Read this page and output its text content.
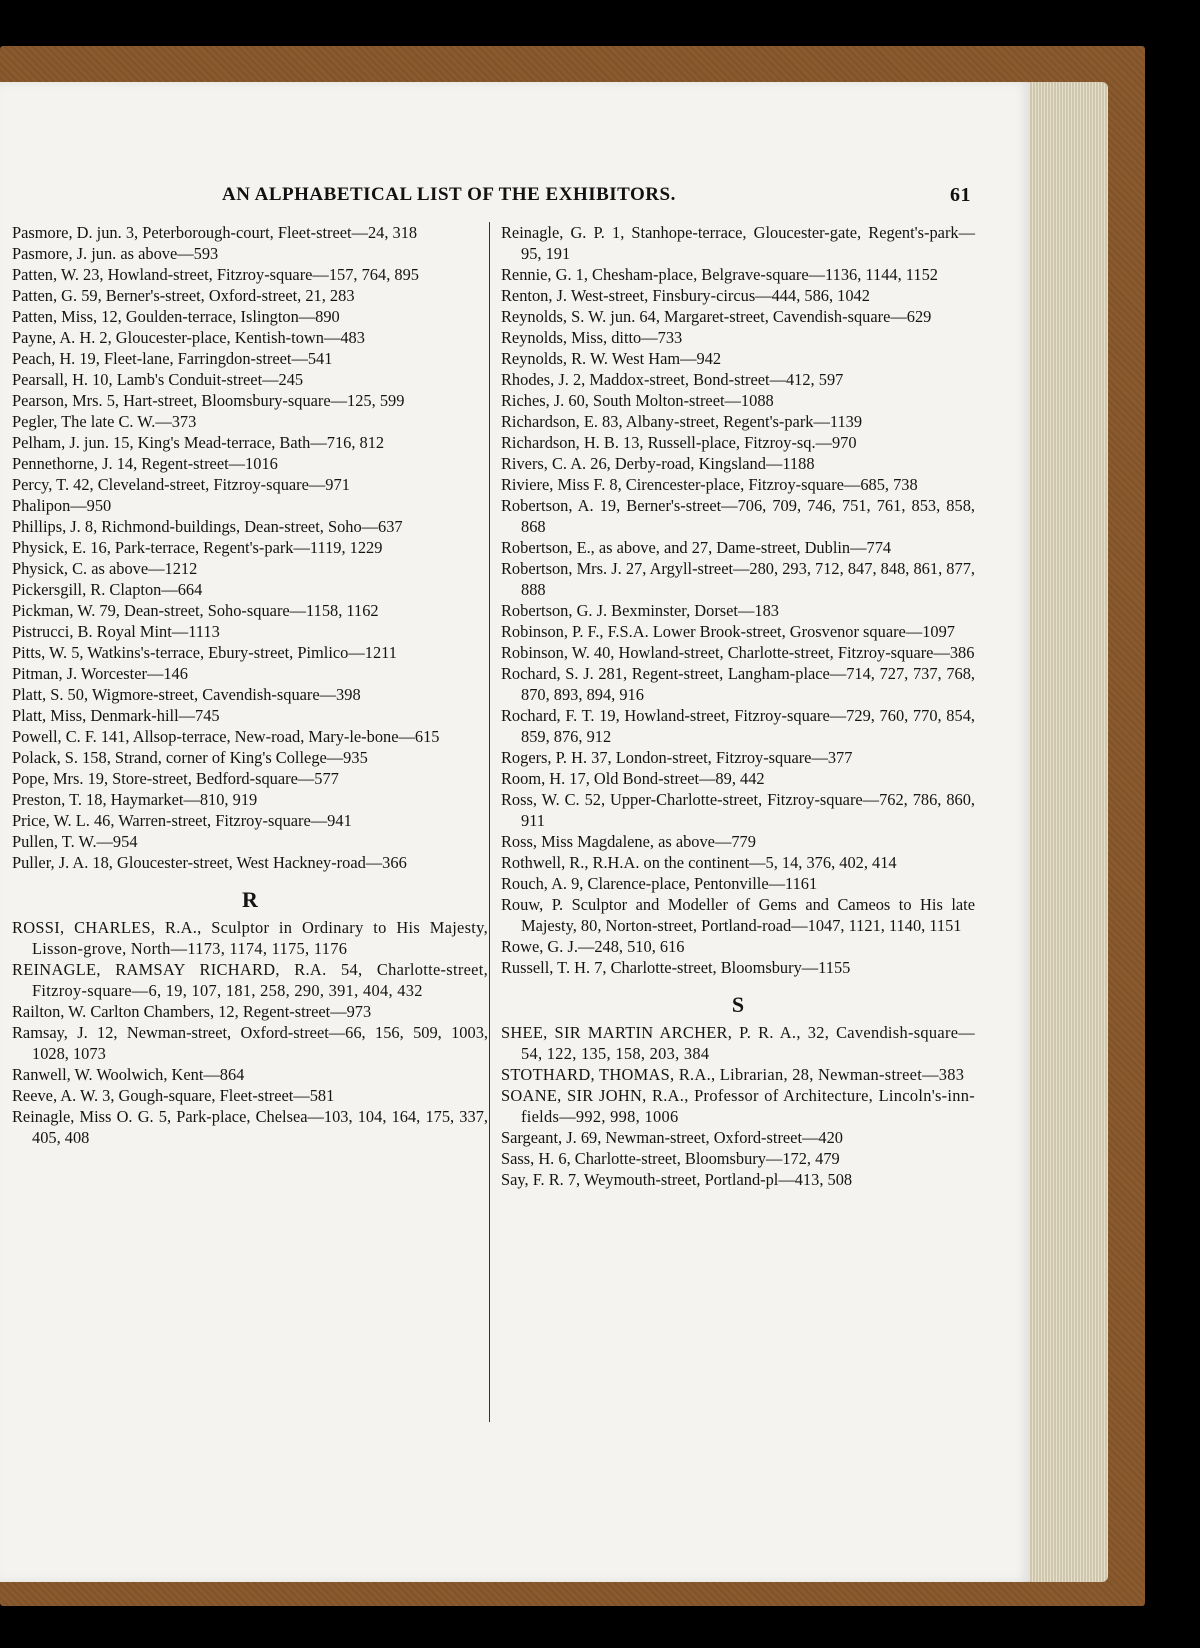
AN ALPHABETICAL LIST OF THE EXHIBITORS.	61

Pasmore, D. jun. 3, Peterborough-court, Fleet-street—24, 318

Pasmore, J. jun. as above—593

Patten, W. 23, Howland-street, Fitzroy-square—157, 764, 895

Patten, G. 59, Berner's-street, Oxford-street, 21, 283

Patten, Miss, 12, Goulden-terrace, Islington—890

Payne, A. H. 2, Gloucester-place, Kentish-town—483

Peach, H. 19, Fleet-lane, Farringdon-street—541

Pearsall, H. 10, Lamb's Conduit-street—245

Pearson, Mrs. 5, Hart-street, Bloomsbury-square—125, 599

Pegler, The late C. W.—373

Pelham, J. jun. 15, King's Mead-terrace, Bath—716, 812

Pennethorne, J. 14, Regent-street—1016

Percy, T. 42, Cleveland-street, Fitzroy-square—971

Phalipon—950

Phillips, J. 8, Richmond-buildings, Dean-street, Soho—637

Physick, E. 16, Park-terrace, Regent's-park—1119, 1229

Physick, C. as above—1212

Pickersgill, R. Clapton—664

Pickman, W. 79, Dean-street, Soho-square—1158, 1162

Pistrucci, B. Royal Mint—1113

Pitts, W. 5, Watkins's-terrace, Ebury-street, Pimlico—1211

Pitman, J. Worcester—146

Platt, S. 50, Wigmore-street, Cavendish-square—398

Platt, Miss, Denmark-hill—745

Powell, C. F. 141, Allsop-terrace, New-road, Mary-le-bone—615

Polack, S. 158, Strand, corner of King's College—935

Pope, Mrs. 19, Store-street, Bedford-square—577

Preston, T. 18, Haymarket—810, 919

Price, W. L. 46, Warren-street, Fitzroy-square—941

Pullen, T. W.—954

Puller, J. A. 18, Gloucester-street, West Hackney-road—366

R

ROSSI, CHARLES, R.A., Sculptor in Ordinary to His Majesty, Lisson-grove, North—1173, 1174, 1175, 1176

REINAGLE, RAMSAY RICHARD, R.A. 54, Charlotte-street, Fitzroy-square—6, 19, 107, 181, 258, 290, 391, 404, 432

Railton, W. Carlton Chambers, 12, Regent-street—973

Ramsay, J. 12, Newman-street, Oxford-street—66, 156, 509, 1003, 1028, 1073

Ranwell, W. Woolwich, Kent—864

Reeve, A. W. 3, Gough-square, Fleet-street—581

Reinagle, Miss O. G. 5, Park-place, Chelsea—103, 104, 164, 175, 337, 405, 408

Reinagle, G. P. 1, Stanhope-terrace, Gloucester-gate, Regent's-park—95, 191

Rennie, G. 1, Chesham-place, Belgrave-square—1136, 1144, 1152

Renton, J. West-street, Finsbury-circus—444, 586, 1042

Reynolds, S. W. jun. 64, Margaret-street, Cavendish-square—629

Reynolds, Miss, ditto—733

Reynolds, R. W. West Ham—942

Rhodes, J. 2, Maddox-street, Bond-street—412, 597

Riches, J. 60, South Molton-street—1088

Richardson, E. 83, Albany-street, Regent's-park—1139

Richardson, H. B. 13, Russell-place, Fitzroy-sq.—970

Rivers, C. A. 26, Derby-road, Kingsland—1188

Riviere, Miss F. 8, Cirencester-place, Fitzroy-square—685, 738

Robertson, A. 19, Berner's-street—706, 709, 746, 751, 761, 853, 858, 868

Robertson, E., as above, and 27, Dame-street, Dublin—774

Robertson, Mrs. J. 27, Argyll-street—280, 293, 712, 847, 848, 861, 877, 888

Robertson, G. J. Bexminster, Dorset—183

Robinson, P. F., F.S.A. Lower Brook-street, Grosvenor square—1097

Robinson, W. 40, Howland-street, Charlotte-street, Fitzroy-square—386

Rochard, S. J. 281, Regent-street, Langham-place—714, 727, 737, 768, 870, 893, 894, 916

Rochard, F. T. 19, Howland-street, Fitzroy-square—729, 760, 770, 854, 859, 876, 912

Rogers, P. H. 37, London-street, Fitzroy-square—377

Room, H. 17, Old Bond-street—89, 442

Ross, W. C. 52, Upper-Charlotte-street, Fitzroy-square—762, 786, 860, 911

Ross, Miss Magdalene, as above—779

Rothwell, R., R.H.A. on the continent—5, 14, 376, 402, 414

Rouch, A. 9, Clarence-place, Pentonville—1161

Rouw, P. Sculptor and Modeller of Gems and Cameos to His late Majesty, 80, Norton-street, Portland-road—1047, 1121, 1140, 1151

Rowe, G. J.—248, 510, 616

Russell, T. H. 7, Charlotte-street, Bloomsbury—1155

S

SHEE, SIR MARTIN ARCHER, P. R. A., 32, Cavendish-square—54, 122, 135, 158, 203, 384

STOTHARD, THOMAS, R.A., Librarian, 28, Newman-street—383

SOANE, SIR JOHN, R.A., Professor of Architecture, Lincoln's-inn-fields—992, 998, 1006

Sargeant, J. 69, Newman-street, Oxford-street—420

Sass, H. 6, Charlotte-street, Bloomsbury—172, 479

Say, F. R. 7, Weymouth-street, Portland-pl—413, 508
